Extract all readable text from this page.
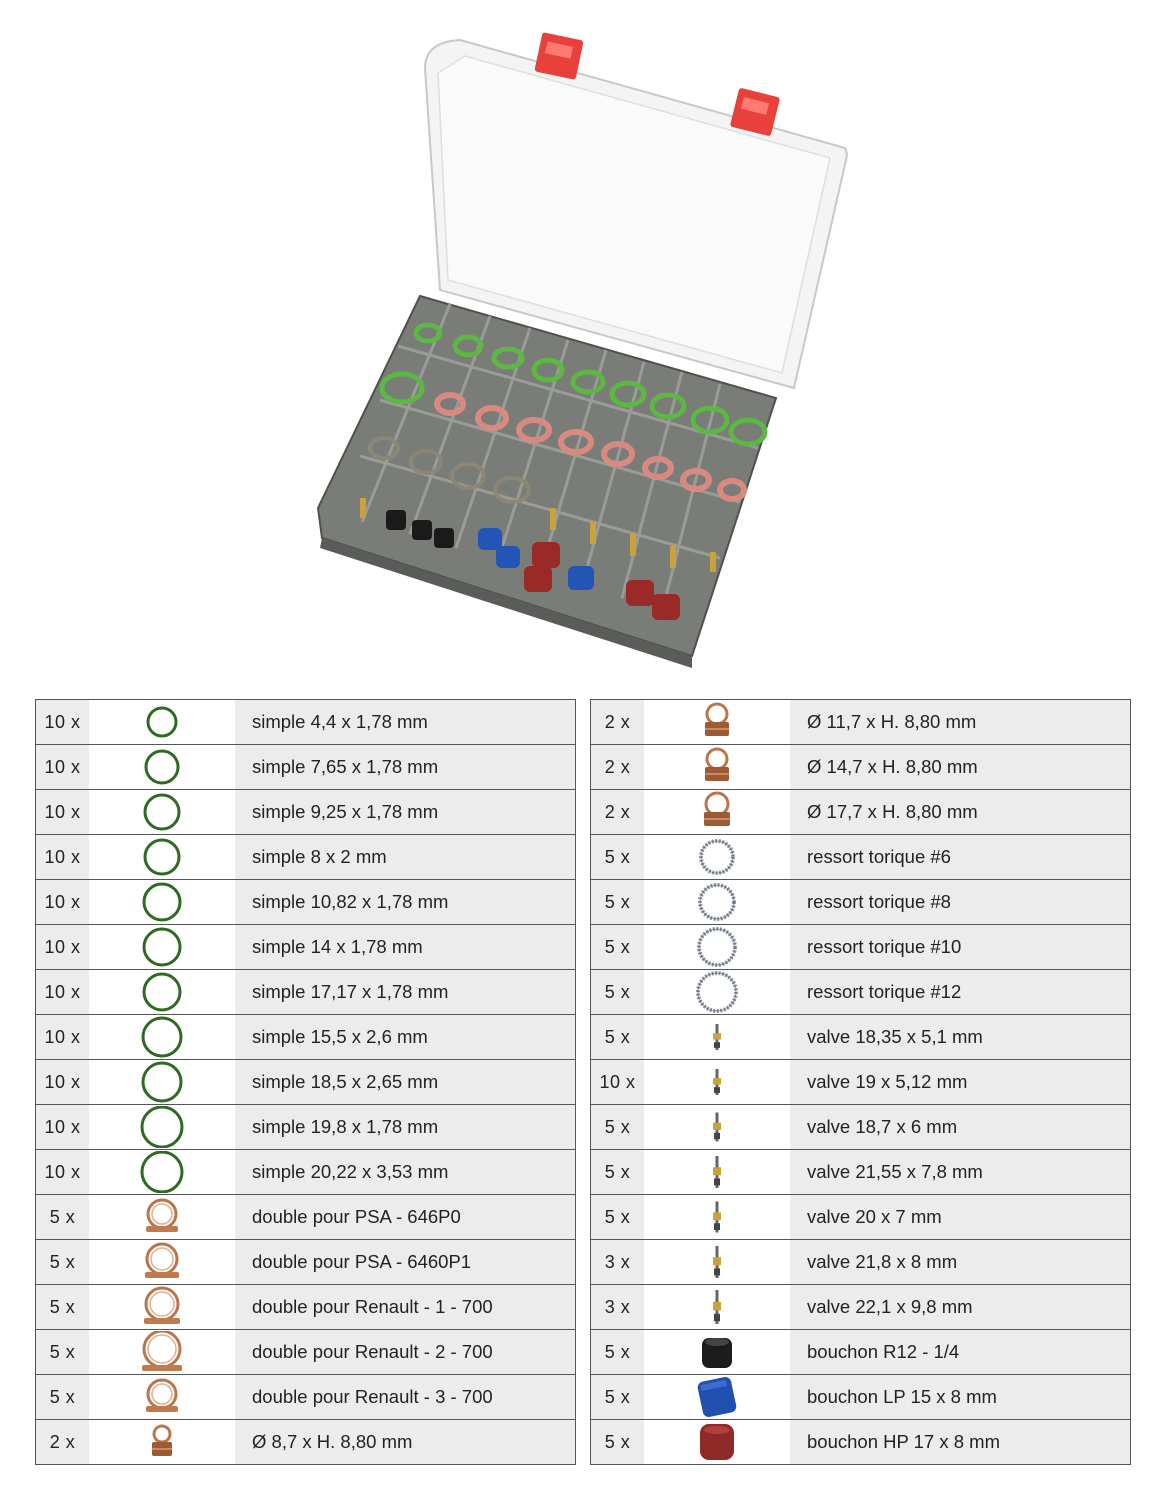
10 x	simple 4,4 x 1,78 mm
10 x	simple 7,65 x 1,78 mm
10 x	simple 9,25 x 1,78 mm
10 x	simple 8 x 2 mm
10 x	simple 10,82 x 1,78 mm
10 x	simple 14 x 1,78 mm
10 x	simple 17,17 x 1,78 mm
10 x	simple 15,5 x 2,6 mm
10 x	simple 18,5 x 2,65 mm
10 x	simple 19,8 x 1,78 mm
10 x	simple 20,22 x 3,53 mm
5 x	double pour PSA - 646P0
5 x	double pour PSA - 6460P1
5 x	double pour Renault - 1 - 700
5 x	double pour Renault - 2 - 700
5 x	double pour Renault - 3 - 700
2 x	Ø 8,7 x H. 8,80 mm
2 x	Ø 11,7 x H. 8,80 mm
2 x	Ø 14,7 x H. 8,80 mm
2 x	Ø 17,7 x H. 8,80 mm
5 x	ressort torique #6
5 x	ressort torique #8
5 x	ressort torique #10
5 x	ressort torique #12
5 x	valve 18,35 x 5,1 mm
10 x	valve 19 x 5,12 mm
5 x	valve 18,7 x 6 mm
5 x	valve 21,55 x 7,8 mm
5 x	valve 20 x 7 mm
3 x	valve 21,8 x 8 mm
3 x	valve 22,1 x 9,8 mm
5 x	bouchon R12 - 1/4
5 x	bouchon LP 15 x 8 mm
5 x	bouchon HP 17 x 8 mm
